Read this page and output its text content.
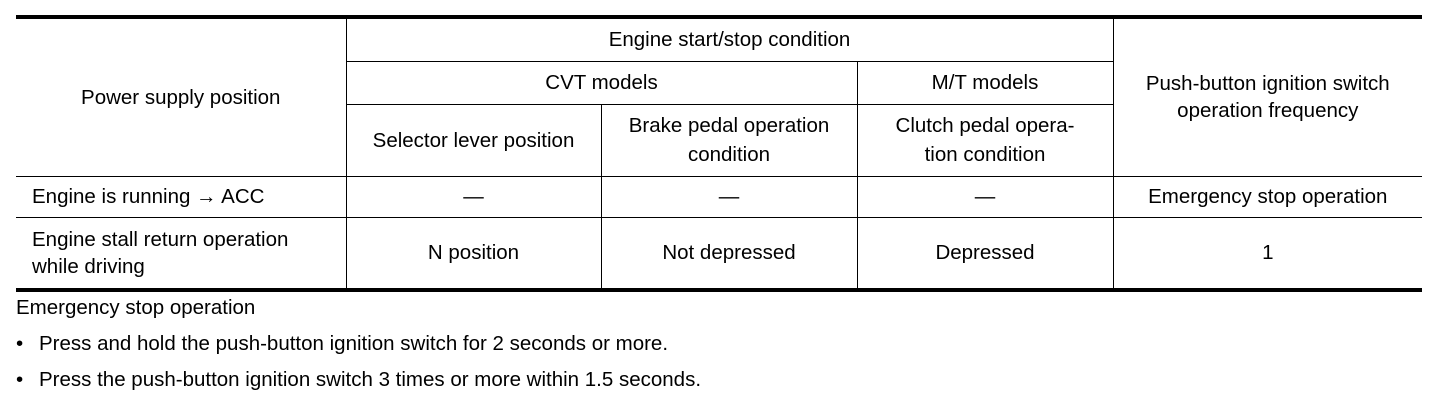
Power supply position	Engine start/stop condition			Push-button ignition switch operation frequency
	CVT models		M/T models	
	Selector lever position	Brake pedal operation condition	Clutch pedal opera-
tion condition	

Engine is running → ACC	—	—	—	Emergency stop operation
Engine stall return operation while driving	N position	Not depressed	Depressed	1

Emergency stop operation

• Press and hold the push-button ignition switch for 2 seconds or more.
• Press the push-button ignition switch 3 times or more within 1.5 seconds.
